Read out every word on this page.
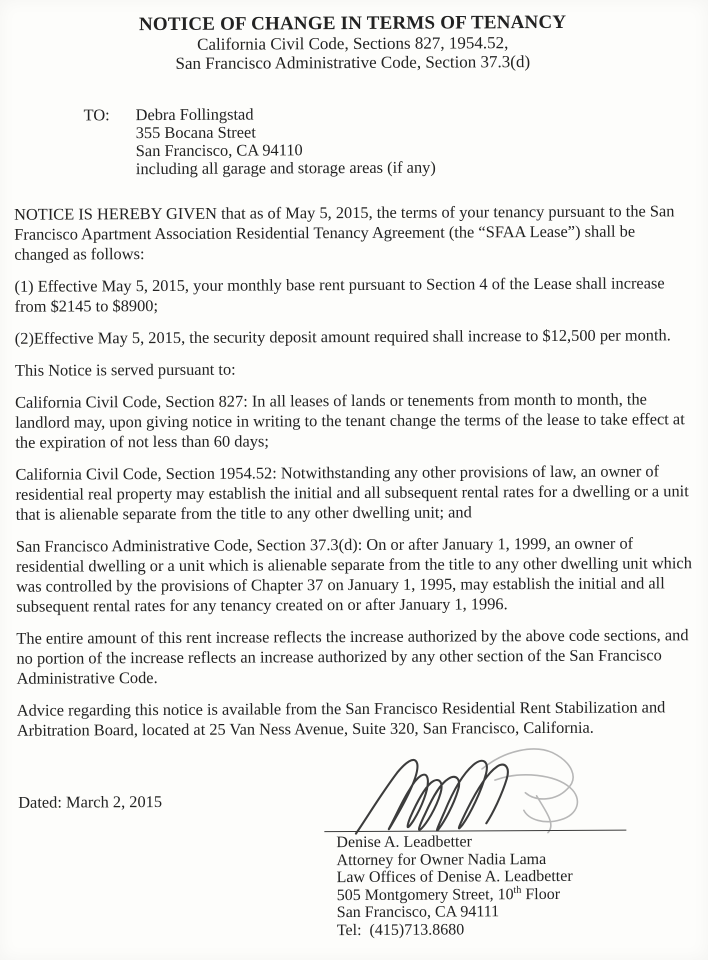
NOTICE OF CHANGE IN TERMS OF TENANCY
California Civil Code, Sections 827, 1954.52,
San Francisco Administrative Code, Section 37.3(d)
TO:	Debra Follingstad
355 Bocana Street
San Francisco, CA 94110
including all garage and storage areas (if any)

NOTICE IS HEREBY GIVEN that as of May 5, 2015, the terms of your tenancy pursuant to the San Francisco Apartment Association Residential Tenancy Agreement (the “SFAA Lease”) shall be changed as follows:

(1) Effective May 5, 2015, your monthly base rent pursuant to Section 4 of the Lease shall increase from $2145 to $8900;

(2)Effective May 5, 2015, the security deposit amount required shall increase to $12,500 per month.

This Notice is served pursuant to:

California Civil Code, Section 827: In all leases of lands or tenements from month to month, the landlord may, upon giving notice in writing to the tenant change the terms of the lease to take effect at the expiration of not less than 60 days;

California Civil Code, Section 1954.52: Notwithstanding any other provisions of law, an owner of residential real property may establish the initial and all subsequent rental rates for a dwelling or a unit that is alienable separate from the title to any other dwelling unit; and

San Francisco Administrative Code, Section 37.3(d): On or after January 1, 1999, an owner of residential dwelling or a unit which is alienable separate from the title to any other dwelling unit which was controlled by the provisions of Chapter 37 on January 1, 1995, may establish the initial and all subsequent rental rates for any tenancy created on or after January 1, 1996.

The entire amount of this rent increase reflects the increase authorized by the above code sections, and no portion of the increase reflects an increase authorized by any other section of the San Francisco Administrative Code.

Advice regarding this notice is available from the San Francisco Residential Rent Stabilization and Arbitration Board, located at 25 Van Ness Avenue, Suite 320, San Francisco, California.

Dated: March 2, 2015
Denise A. Leadbetter
Attorney for Owner Nadia Lama
Law Offices of Denise A. Leadbetter
505 Montgomery Street, 10th Floor
San Francisco, CA 94111
Tel:  (415)713.8680
